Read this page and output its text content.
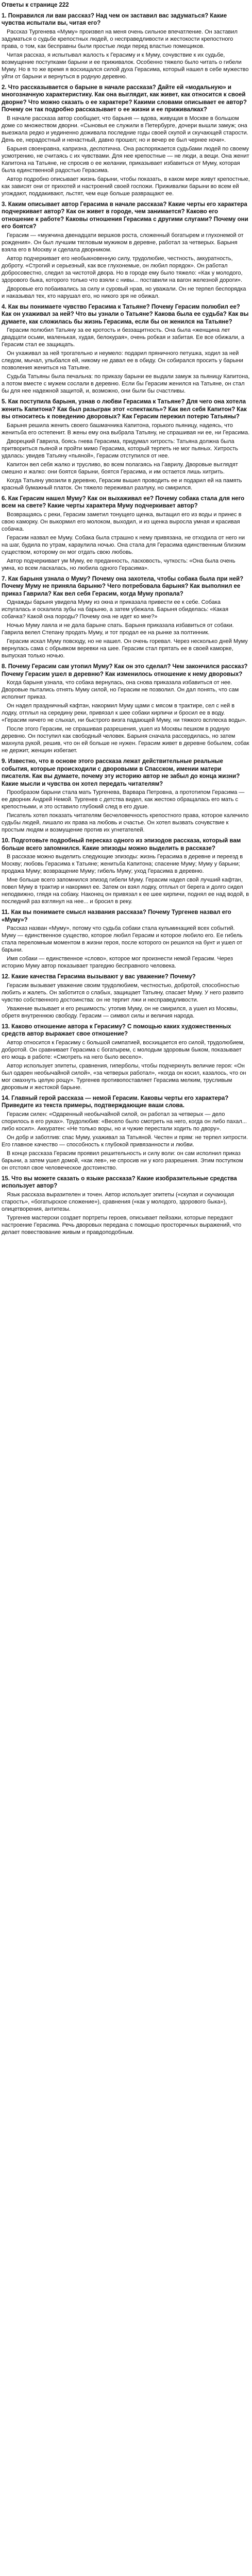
Ответы к странице 222
1. Понравился ли вам рассказ? Над чем он заставил вас задуматься? Какие чувства испытали вы, читая его?

Рассказ Тургенева «Муму» произвел на меня очень сильное впечатление. Он заставил задуматься о судьбе крепостных людей, о несправедливости и жестокости крепостного права, о том, как бесправны были простые люди перед властью помещиков.

Читая рассказ, я испытывал жалость к Герасиму и к Муму, сочувствие к их судьбе, возмущение поступками барыни и ее приживалок. Особенно тяжело было читать о гибели Муму. Но в то же время я восхищался силой духа Герасима, который нашел в себе мужество уйти от барыни и вернуться в родную деревню.

2. Что рассказывается о барыне в начале рассказа? Дайте ей «модальную» и многозначную характеристику. Как она выглядит, как живет, как относится к своей дворне? Что можно сказать о ее характере? Какими словами описывает ее автор? Почему он так подробно рассказывает о ее жизни и ее приживалках?

В начале рассказа автор сообщает, что барыня — вдова, живущая в Москве в большом доме со множеством дворни. «Сыновья ее служили в Петербурге, дочери вышли замуж; она выезжала редко и уединенно доживала последние годы своей скупой и скучающей старости. День ее, нерадостный и ненастный, давно прошел; но и вечер ее был чернее ночи».

Барыня своенравна, капризна, деспотична. Она распоряжается судьбами людей по своему усмотрению, не считаясь с их чувствами. Для нее крепостные — не люди, а вещи. Она женит Капитона на Татьяне, не спросив о ее желании, приказывает избавиться от Муму, которая была единственной радостью Герасима.

Автор подробно описывает жизнь барыни, чтобы показать, в каком мире живут крепостные, как зависят они от прихотей и настроений своей госпожи. Приживалки барыни во всем ей угождают, поддакивают, льстят, чем еще больше развращают ее.

3. Каким описывает автор Герасима в начале рассказа? Какие черты его характера подчеркивает автор? Как он живет в городе, чем занимается? Каково его отношение к работе? Каковы отношения Герасима с другими слугами? Почему они его боятся?

Герасим — «мужчина двенадцати вершков роста, сложенный богатырем и глухонемой от рождения». Он был лучшим тягловым мужиком в деревне, работал за четверых. Барыня взяла его в Москву и сделала дворником.

Автор подчеркивает его необыкновенную силу, трудолюбие, честность, аккуратность, доброту. «Строгий и серьезный, как все глухонемые, он любил порядок». Он работал добросовестно, следил за чистотой двора. Но в городе ему было тяжело: «Как у молодого, здорового быка, которого только что взяли с нивы... поставили на вагон железной дороги».

Дворовые его побаивались за силу и суровый нрав, но уважали. Он не терпел беспорядка и наказывал тех, кто нарушал его, но никого зря не обижал.

4. Как вы понимаете чувство Герасима к Татьяне? Почему Герасим полюбил ее? Как он ухаживал за ней? Что вы узнали о Татьяне? Какова была ее судьба? Как вы думаете, как сложилась бы жизнь Герасима, если бы он женился на Татьяне?

Герасим полюбил Татьяну за ее кротость и беззащитность. Она была «женщина лет двадцати осьми, маленькая, худая, белокурая», очень робкая и забитая. Ее все обижали, а Герасим стал ее защищать.

Он ухаживал за ней трогательно и неумело: подарил пряничного петушка, ходил за ней следом, мычал, улыбался ей, никому не давал ее в обиду. Он собирался просить у барыни позволения жениться на Татьяне.

Судьба Татьяны была печальна: по приказу барыни ее выдали замуж за пьяницу Капитона, а потом вместе с мужем сослали в деревню. Если бы Герасим женился на Татьяне, он стал бы для нее надежной защитой, и, возможно, они были бы счастливы.

5. Как поступила барыня, узнав о любви Герасима к Татьяне? Для чего она хотела женить Капитона? Как был разыгран этот «спектакль»? Как вел себя Капитон? Как вы относитесь к поведению дворовых? Как Герасим пережил потерю Татьяны?

Барыня решила женить своего башмачника Капитона, горького пьяницу, надеясь, что женитьба его остепенит. В жены ему она выбрала Татьяну, не спрашивая ни ее, ни Герасима.

Дворецкий Гаврила, боясь гнева Герасима, придумал хитрость: Татьяна должна была притвориться пьяной и пройти мимо Герасима, который терпеть не мог пьяных. Хитрость удалась: увидев Татьяну «пьяной», Герасим отступился от нее.

Капитон вел себя жалко и трусливо, во всем полагаясь на Гаврилу. Дворовые выглядят смешно и жалко: они боятся барыни, боятся Герасима, и им остается лишь хитрить.

Когда Татьяну увозили в деревню, Герасим вышел проводить ее и подарил ей на память красный бумажный платок. Он тяжело переживал разлуку, но смирился.

6. Как Герасим нашел Муму? Как он выхаживал ее? Почему собака стала для него всем на свете? Какие черты характера Муму подчеркивает автор?

Возвращаясь с реки, Герасим заметил тонущего щенка, вытащил его из воды и принес в свою каморку. Он выкормил его молоком, выходил, и из щенка выросла умная и красивая собачка.

Герасим назвал ее Муму. Собака была страшно к нему привязана, не отходила от него ни на шаг, будила по утрам, караулила ночью. Она стала для Герасима единственным близким существом, которому он мог отдать свою любовь.

Автор подчеркивает ум Муму, ее преданность, ласковость, чуткость: «Она была очень умна, ко всем ласкалась, но любила одного Герасима».

7. Как барыня узнала о Муму? Почему она захотела, чтобы собака была при ней? Почему Муму не приняла барыню? Чего потребовала барыня? Как выполнил ее приказ Гаврила? Как вел себя Герасим, когда Муму пропала?

Однажды барыня увидела Муму из окна и приказала привести ее к себе. Собака испугалась и оскалила зубы на барыню, а затем убежала. Барыня обиделась: «Какая собачка? Какой она породы? Почему она не идет ко мне?»

Ночью Муму лаяла и не дала барыне спать. Барыня приказала избавиться от собаки. Гаврила велел Степану продать Муму, и тот продал ее на рынке за полтинник.

Герасим искал Муму повсюду, но не нашел. Он очень горевал. Через несколько дней Муму вернулась сама с обрывком веревки на шее. Герасим стал прятать ее в своей каморке, выпуская только ночью.

8. Почему Герасим сам утопил Муму? Как он это сделал? Чем закончился рассказ? Почему Герасим ушел в деревню? Как изменилось отношение к нему дворовых?

Когда барыня узнала, что собака вернулась, она снова приказала избавиться от нее. Дворовые пытались отнять Муму силой, но Герасим не позволил. Он дал понять, что сам исполнит приказ.

Он надел праздничный кафтан, накормил Муму щами с мясом в трактире, сел с ней в лодку, отплыл на середину реки, привязал к шее собаки кирпичи и бросил ее в воду. «Герасим ничего не слыхал, ни быстрого визга падающей Муму, ни тяжкого всплеска воды».

После этого Герасим, не спрашивая разрешения, ушел из Москвы пешком в родную деревню. Он поступил как свободный человек. Барыня сначала рассердилась, но затем махнула рукой, решив, что он ей больше не нужен. Герасим живет в деревне бобылем, собак не держит, женщин избегает.

9. Известно, что в основе этого рассказа лежат действительные реальные события, которые происходили с дворовыми в Спасском, имении матери писателя. Как вы думаете, почему эту историю автор не забыл до конца жизни? Какие мысли и чувства он хотел передать читателям?

Прообразом барыни стала мать Тургенева, Варвара Петровна, а прототипом Герасима — ее дворник Андрей Немой. Тургенев с детства видел, как жестоко обращалась его мать с крепостными, и это оставило глубокий след в его душе.

Писатель хотел показать читателям бесчеловечность крепостного права, которое калечило судьбы людей, лишало их права на любовь и счастье. Он хотел вызвать сочувствие к простым людям и возмущение против их угнетателей.

10. Подготовьте подробный пересказ одного из эпизодов рассказа, который вам больше всего запомнился. Какие эпизоды можно выделить в рассказе?

В рассказе можно выделить следующие эпизоды: жизнь Герасима в деревне и переезд в Москву; любовь Герасима к Татьяне; женитьба Капитона; спасение Муму; Муму у барыни; продажа Муму; возвращение Муму; гибель Муму; уход Герасима в деревню.

Мне больше всего запомнился эпизод гибели Муму. Герасим надел свой лучший кафтан, повел Муму в трактир и накормил ее. Затем он взял лодку, отплыл от берега и долго сидел неподвижно, глядя на собаку. Наконец он привязал к ее шее кирпичи, поднял ее над водой, в последний раз взглянул на нее... и бросил в реку.

11. Как вы понимаете смысл названия рассказа? Почему Тургенев назвал его «Муму»?

Рассказ назван «Муму», потому что судьба собаки стала кульминацией всех событий. Муму — единственное существо, которое любил Герасим и которое любило его. Ее гибель стала переломным моментом в жизни героя, после которого он решился на бунт и ушел от барыни.

Имя собаки — единственное «слово», которое мог произнести немой Герасим. Через историю Муму автор показывает трагедию бесправного человека.

12. Какие качества Герасима вызывают у вас уважение? Почему?

Герасим вызывает уважение своим трудолюбием, честностью, добротой, способностью любить и жалеть. Он заботится о слабых, защищает Татьяну, спасает Муму. У него развито чувство собственного достоинства: он не терпит лжи и несправедливости.

Уважение вызывает и его решимость: утопив Муму, он не смирился, а ушел из Москвы, обретя внутреннюю свободу. Герасим — символ силы и величия народа.

13. Каково отношение автора к Герасиму? С помощью каких художественных средств автор выражает свое отношение?

Автор относится к Герасиму с большой симпатией, восхищается его силой, трудолюбием, добротой. Он сравнивает Герасима с богатырем, с молодым здоровым быком, показывает его мощь в работе: «Смотреть на него было весело».

Автор использует эпитеты, сравнения, гиперболы, чтобы подчеркнуть величие героя: «Он был одарен необычайной силой», «за четверых работал», «когда он косил, казалось, что он мог смахнуть целую рощу». Тургенев противопоставляет Герасима мелким, трусливым дворовым и жестокой барыне.

14. Главный герой рассказа — немой Герасим. Каковы черты его характера? Приведите из текста примеры, подтверждающие ваши слова.

Герасим силен: «Одаренный необычайной силой, он работал за четверых — дело спорилось в его руках». Трудолюбив: «Весело было смотреть на него, когда он либо пахал... либо косил». Аккуратен: «Не только воры, но и чужие перестали ходить по двору».

Он добр и заботлив: спас Муму, ухаживал за Татьяной. Честен и прям: не терпел хитрости. Его главное качество — способность к глубокой привязанности и любви.

В конце рассказа Герасим проявил решительность и силу воли: он сам исполнил приказ барыни, а затем ушел домой, «как лев», не спросив ни у кого разрешения. Этим поступком он отстоял свое человеческое достоинство.

15. Что вы можете сказать о языке рассказа? Какие изобразительные средства использует автор?

Язык рассказа выразителен и точен. Автор использует эпитеты («скупая и скучающая старость», «богатырское сложение»), сравнения («как у молодого, здорового быка»), олицетворения, антитезы.

Тургенев мастерски создает портреты героев, описывает пейзажи, которые передают настроение Герасима. Речь дворовых передана с помощью просторечных выражений, что делает повествование живым и правдоподобным.
